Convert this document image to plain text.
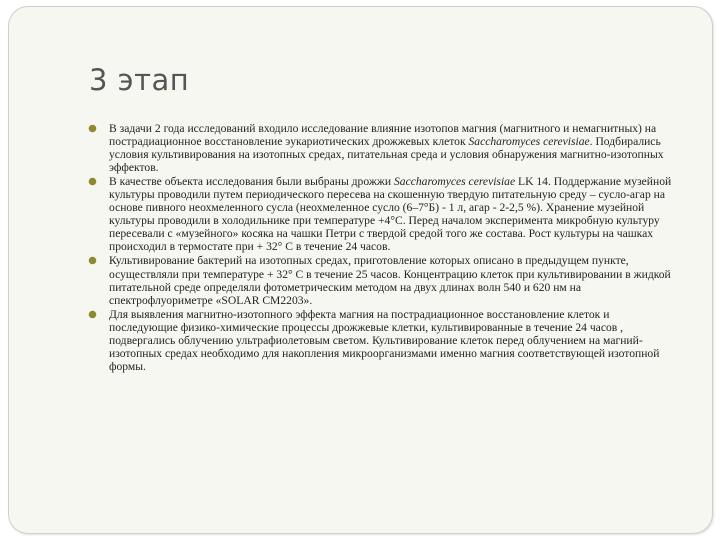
3 этап
В задачи 2 года исследований входило исследование влияние изотопов магния (магнитного и немагнитных) на пострадиационное восстановление эукариотических дрожжевых клеток Saccharomyces cerevisiae. Подбирались условия культивирования на изотопных средах, питательная среда и условия обнаружения магнитно-изотопных эффектов.
В качестве объекта исследования были выбраны дрожжи Saccharomyces cerevisiae LK 14. Поддержание музейной культуры проводили путем периодического пересева на скошенную твердую питательную среду – сусло-агар на основе пивного неохмеленного сусла (неохмеленное сусло (6–7°Б) - 1 л, агар - 2-2,5 %). Хранение музейной культуры проводили в холодильнике при температуре +4°С. Перед началом эксперимента микробную культуру пересевали с «музейного» косяка на чашки Петри с твердой средой того же состава. Рост культуры на чашках происходил в термостате при + 32° С в течение 24 часов.
Культивирование бактерий на изотопных средах, приготовление которых описано в предыдущем пункте, осуществляли при температуре + 32° С в течение 25 часов. Концентрацию клеток при культивировании в жидкой питательной среде определяли фотометрическим методом на двух длинах волн 540 и 620 нм на спектрофлуориметре «SOLAR CM2203».
Для выявления магнитно-изотопного эффекта магния на пострадиационное восстановление клеток и последующие физико-химические процессы дрожжевые клетки, культивированные в течение 24 часов , подвергались облучению ультрафиолетовым светом. Культивирование клеток перед облучением на магний-изотопных средах необходимо для накопления микроорганизмами именно магния соответствующей изотопной формы.
